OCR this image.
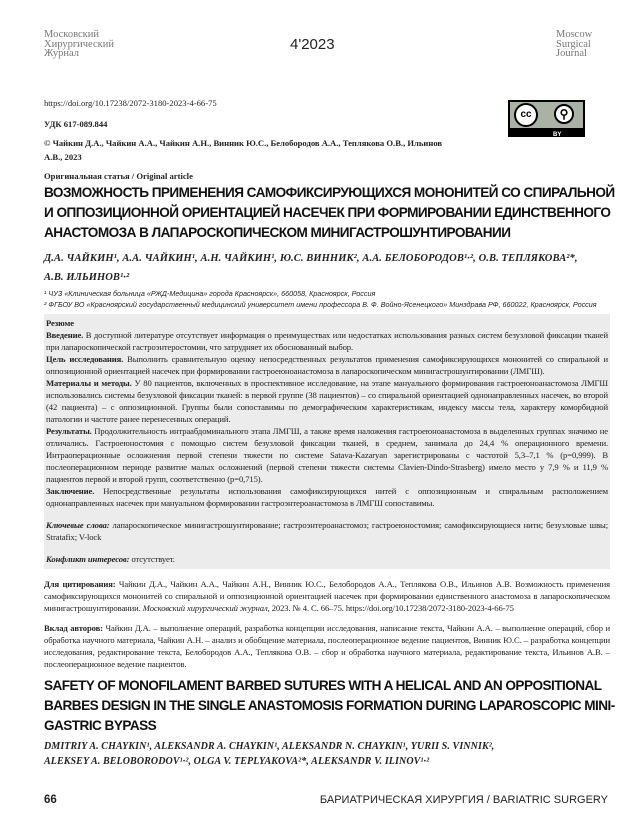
Московский
Хирургический
Журнал
4'2023
Moscow
Surgical
Journal
https://doi.org/10.17238/2072-3180-2023-4-66-75
УДК 617-089.844
© Чайкин Д.А., Чайкин А.А., Чайкин А.Н., Винник Ю.С., Белобородов А.А., Теплякова О.В., Ильинов А.В., 2023
cc	⚲
BY
Оригинальная статья / Original article
ВОЗМОЖНОСТЬ ПРИМЕНЕНИЯ САМОФИКСИРУЮЩИХСЯ МОНОНИТЕЙ СО СПИРАЛЬНОЙ
И ОППОЗИЦИОННОЙ ОРИЕНТАЦИЕЙ НАСЕЧЕК ПРИ ФОРМИРОВАНИИ ЕДИНСТВЕННОГО
АНАСТОМОЗА В ЛАПАРОСКОПИЧЕСКОМ МИНИГАСТРОШУНТИРОВАНИИ
Д.А. ЧАЙКИН¹, А.А. ЧАЙКИН¹, А.Н. ЧАЙКИН¹, Ю.С. ВИННИК², А.А. БЕЛОБОРОДОВ¹·², О.В. ТЕПЛЯКОВА²*,
А.В. ИЛЬИНОВ¹·²
¹ ЧУЗ «Клиническая больница «РЖД-Медицина» города Красноярск», 660058, Красноярск, Россия
² ФГБОУ ВО «Красноярский государственный медицинский университет имени профессора В. Ф. Войно-Ясенецкого» Минздрава РФ, 660022, Красноярск, Россия
Резюме
Введение. В доступной литературе отсутствует информация о преимуществах или недостатках использования разных систем безузловой фиксации тканей при лапароскопической гастроэнтеростомии, что затрудняет их обоснованный выбор.
Цель исследования. Выполнить сравнительную оценку непосредственных результатов применения самофиксирующихся мононитей со спиральной и оппозиционной ориентацией насечек при формировании гастроеюноанастомоза в лапароскопическом минигастрошунтировании (ЛМГШ).
Материалы и методы. У 80 пациентов, включенных в проспективное исследование, на этапе мануального формирования гастроеюноанастомоза ЛМГШ использовались системы безузловой фиксации тканей: в первой группе (38 пациентов) – со спиральной ориентацией однонаправленных насечек, во второй (42 пациента) – с оппозиционной. Группы были сопоставимы по демографическим характеристикам, индексу массы тела, характеру коморбидной патологии и частоте ранее перенесенных операций.
Результаты. Продолжительность интраабдоминального этапа ЛМГШ, а также время наложения гастроеюноанастомоза в выделенных группах значимо не отличались. Гастроеюностомия с помощью систем безузловой фиксации тканей, в среднем, занимала до 24,4 % операционного времени. Интраоперационные осложнения первой степени тяжести по системе Satava-Kazaryan зарегистрированы с частотой 5,3–7,1 % (p=0,999). В послеоперационном периоде развитие малых осложнений (первой степени тяжести системы Clavien-Dindo-Strasberg) имело место у 7,9 % и 11,9 % пациентов первой и второй групп, соответственно (p=0,715).
Заключение. Непосредственные результаты использования самофиксирующихся нитей с оппозиционным и спиральным расположением однонаправленных насечек при мануальном формировании гастроэнтероанастомоза в ЛМГШ сопоставимы.
Ключевые слова: лапароскопическое минигастрошунтирование; гастроэнтероанастомоз; гастроеюностомия; самофиксирующиеся нити; безузловые швы; Stratafix; V-lock
Конфликт интересов: отсутствует.
Для цитирования: Чайкин Д.А., Чайкин А.А., Чайкин А.Н., Винник Ю.С., Белобородов А.А., Теплякова О.В., Ильинов А.В. Возможность применения самофиксирующихся мононитей со спиральной и оппозиционной ориентацией насечек при формировании единственного анастомоза в лапароскопическом минигастрошунтировании. Московский хирургический журнал, 2023. № 4. С. 66–75. https://doi.org/10.17238/2072-3180-2023-4-66-75
Вклад авторов: Чайкин Д.А. – выполнение операций, разработка концепции исследования, написание текста, Чайкин А.А. – выполнение операций, сбор и обработка научного материала, Чайкин А.Н. – анализ и обобщение материала, послеоперационное ведение пациентов, Винник Ю.С. – разработка концепции исследования, редактирование текста, Белобородов А.А., Теплякова О.В. – сбор и обработка научного материала, редактирование текста, Ильинов А.В. – послеоперационное ведение пациентов.
SAFETY OF MONOFILAMENT BARBED SUTURES WITH A HELICAL AND AN OPPOSITIONAL
BARBES DESIGN IN THE SINGLE ANASTOMOSIS FORMATION DURING LAPAROSCOPIC MINI-
GASTRIC BYPASS
DMITRIY A. CHAYKIN¹, ALEKSANDR A. CHAYKIN¹, ALEKSANDR N. CHAYKIN¹, YURII S. VINNIK²,
ALEKSEY A. BELOBORODOV¹·², OLGA V. TEPLYAKOVA²*, ALEKSANDR V. ILINOV¹·²
66	БАРИАТРИЧЕСКАЯ ХИРУРГИЯ / BARIATRIC SURGERY
